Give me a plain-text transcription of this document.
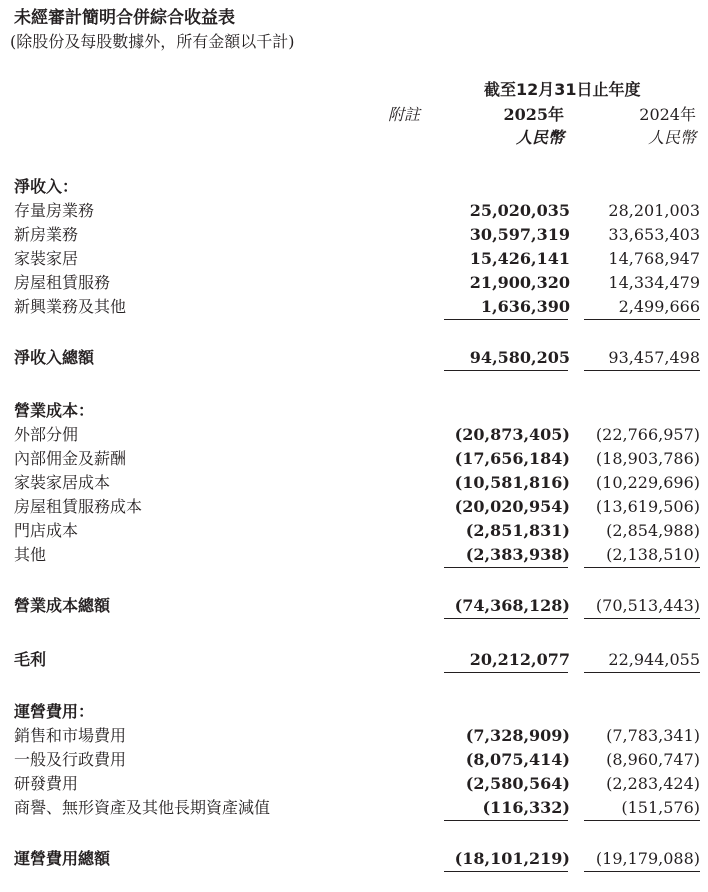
未經審計簡明合併綜合收益表
(除股份及每股數據外，所有金額以千計)
截至12月31日止年度
附註	2025年	2024年
人民幣	人民幣
淨收入：
存量房業務	25,020,035	28,201,003
新房業務	30,597,319	33,653,403
家裝家居	15,426,141	14,768,947
房屋租賃服務	21,900,320	14,334,479
新興業務及其他	1,636,390	2,499,666
淨收入總額	94,580,205	93,457,498
營業成本：
外部分佣	(20,873,405)	(22,766,957)
內部佣金及薪酬	(17,656,184)	(18,903,786)
家裝家居成本	(10,581,816)	(10,229,696)
房屋租賃服務成本	(20,020,954)	(13,619,506)
門店成本	(2,851,831)	(2,854,988)
其他	(2,383,938)	(2,138,510)
營業成本總額	(74,368,128)	(70,513,443)
毛利	20,212,077	22,944,055
運營費用：
銷售和市場費用	(7,328,909)	(7,783,341)
一般及行政費用	(8,075,414)	(8,960,747)
研發費用	(2,580,564)	(2,283,424)
商譽、無形資產及其他長期資產減值	(116,332)	(151,576)
運營費用總額	(18,101,219)	(19,179,088)
